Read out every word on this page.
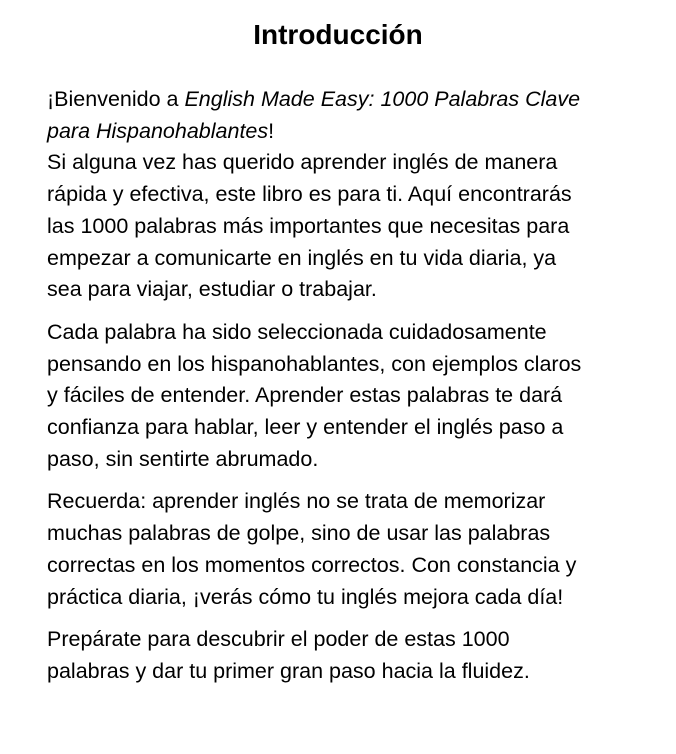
Introducción

¡Bienvenido a English Made Easy: 1000 Palabras Clave
para Hispanohablantes!
Si alguna vez has querido aprender inglés de manera
rápida y efectiva, este libro es para ti. Aquí encontrarás
las 1000 palabras más importantes que necesitas para
empezar a comunicarte en inglés en tu vida diaria, ya
sea para viajar, estudiar o trabajar.

Cada palabra ha sido seleccionada cuidadosamente
pensando en los hispanohablantes, con ejemplos claros
y fáciles de entender. Aprender estas palabras te dará
confianza para hablar, leer y entender el inglés paso a
paso, sin sentirte abrumado.

Recuerda: aprender inglés no se trata de memorizar
muchas palabras de golpe, sino de usar las palabras
correctas en los momentos correctos. Con constancia y
práctica diaria, ¡verás cómo tu inglés mejora cada día!

Prepárate para descubrir el poder de estas 1000
palabras y dar tu primer gran paso hacia la fluidez.
